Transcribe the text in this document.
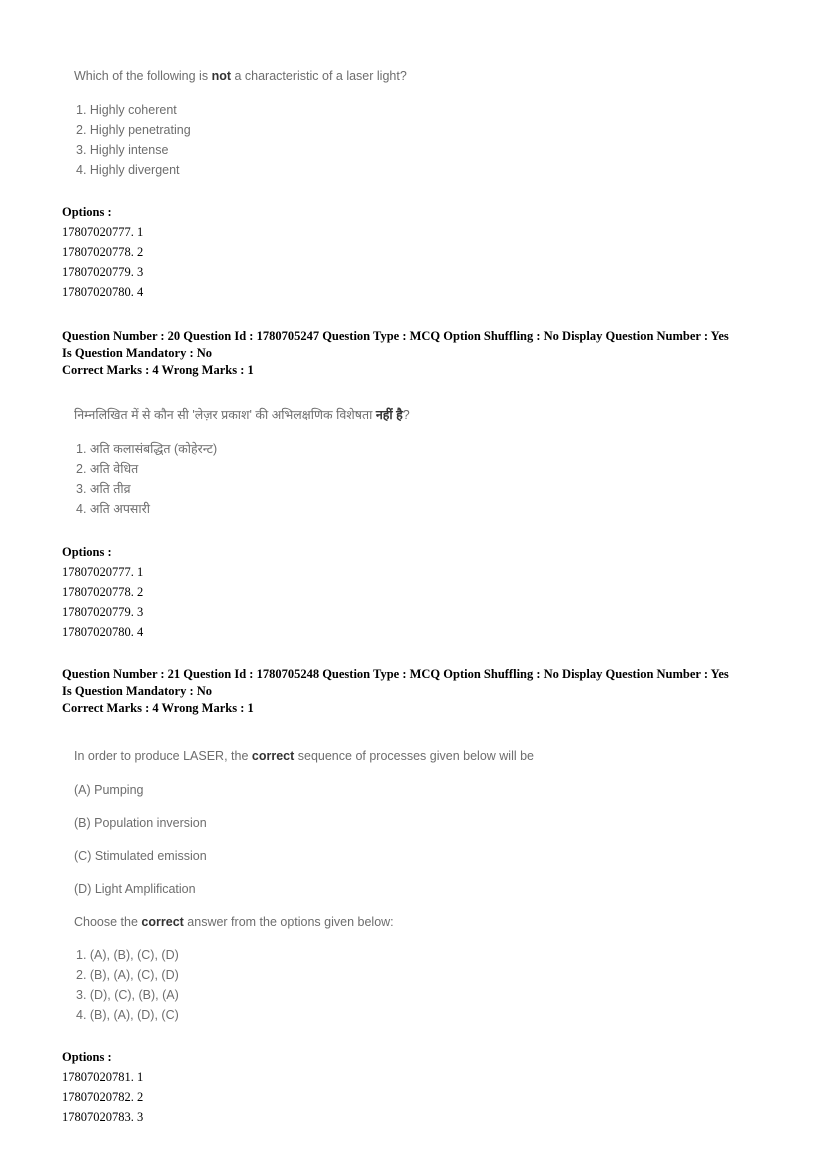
Which of the following is not a characteristic of a laser light?
1. Highly coherent
2. Highly penetrating
3. Highly intense
4. Highly divergent
Options :
17807020777. 1
17807020778. 2
17807020779. 3
17807020780. 4
Question Number : 20 Question Id : 1780705247 Question Type : MCQ Option Shuffling : No Display Question Number : Yes
Is Question Mandatory : No
Correct Marks : 4 Wrong Marks : 1
निम्नलिखित में से कौन सी 'लेज़र प्रकाश' की अभिलक्षणिक विशेषता नहीं है?
1. अति कलासंबद्धित (कोहेरन्ट)
2. अति वेधित
3. अति तीव्र
4. अति अपसारी
Options :
17807020777. 1
17807020778. 2
17807020779. 3
17807020780. 4
Question Number : 21 Question Id : 1780705248 Question Type : MCQ Option Shuffling : No Display Question Number : Yes
Is Question Mandatory : No
Correct Marks : 4 Wrong Marks : 1
In order to produce LASER, the correct sequence of processes given below will be
(A) Pumping
(B) Population inversion
(C) Stimulated emission
(D) Light Amplification
Choose the correct answer from the options given below:
1. (A), (B), (C), (D)
2. (B), (A), (C), (D)
3. (D), (C), (B), (A)
4. (B), (A), (D), (C)
Options :
17807020781. 1
17807020782. 2
17807020783. 3
